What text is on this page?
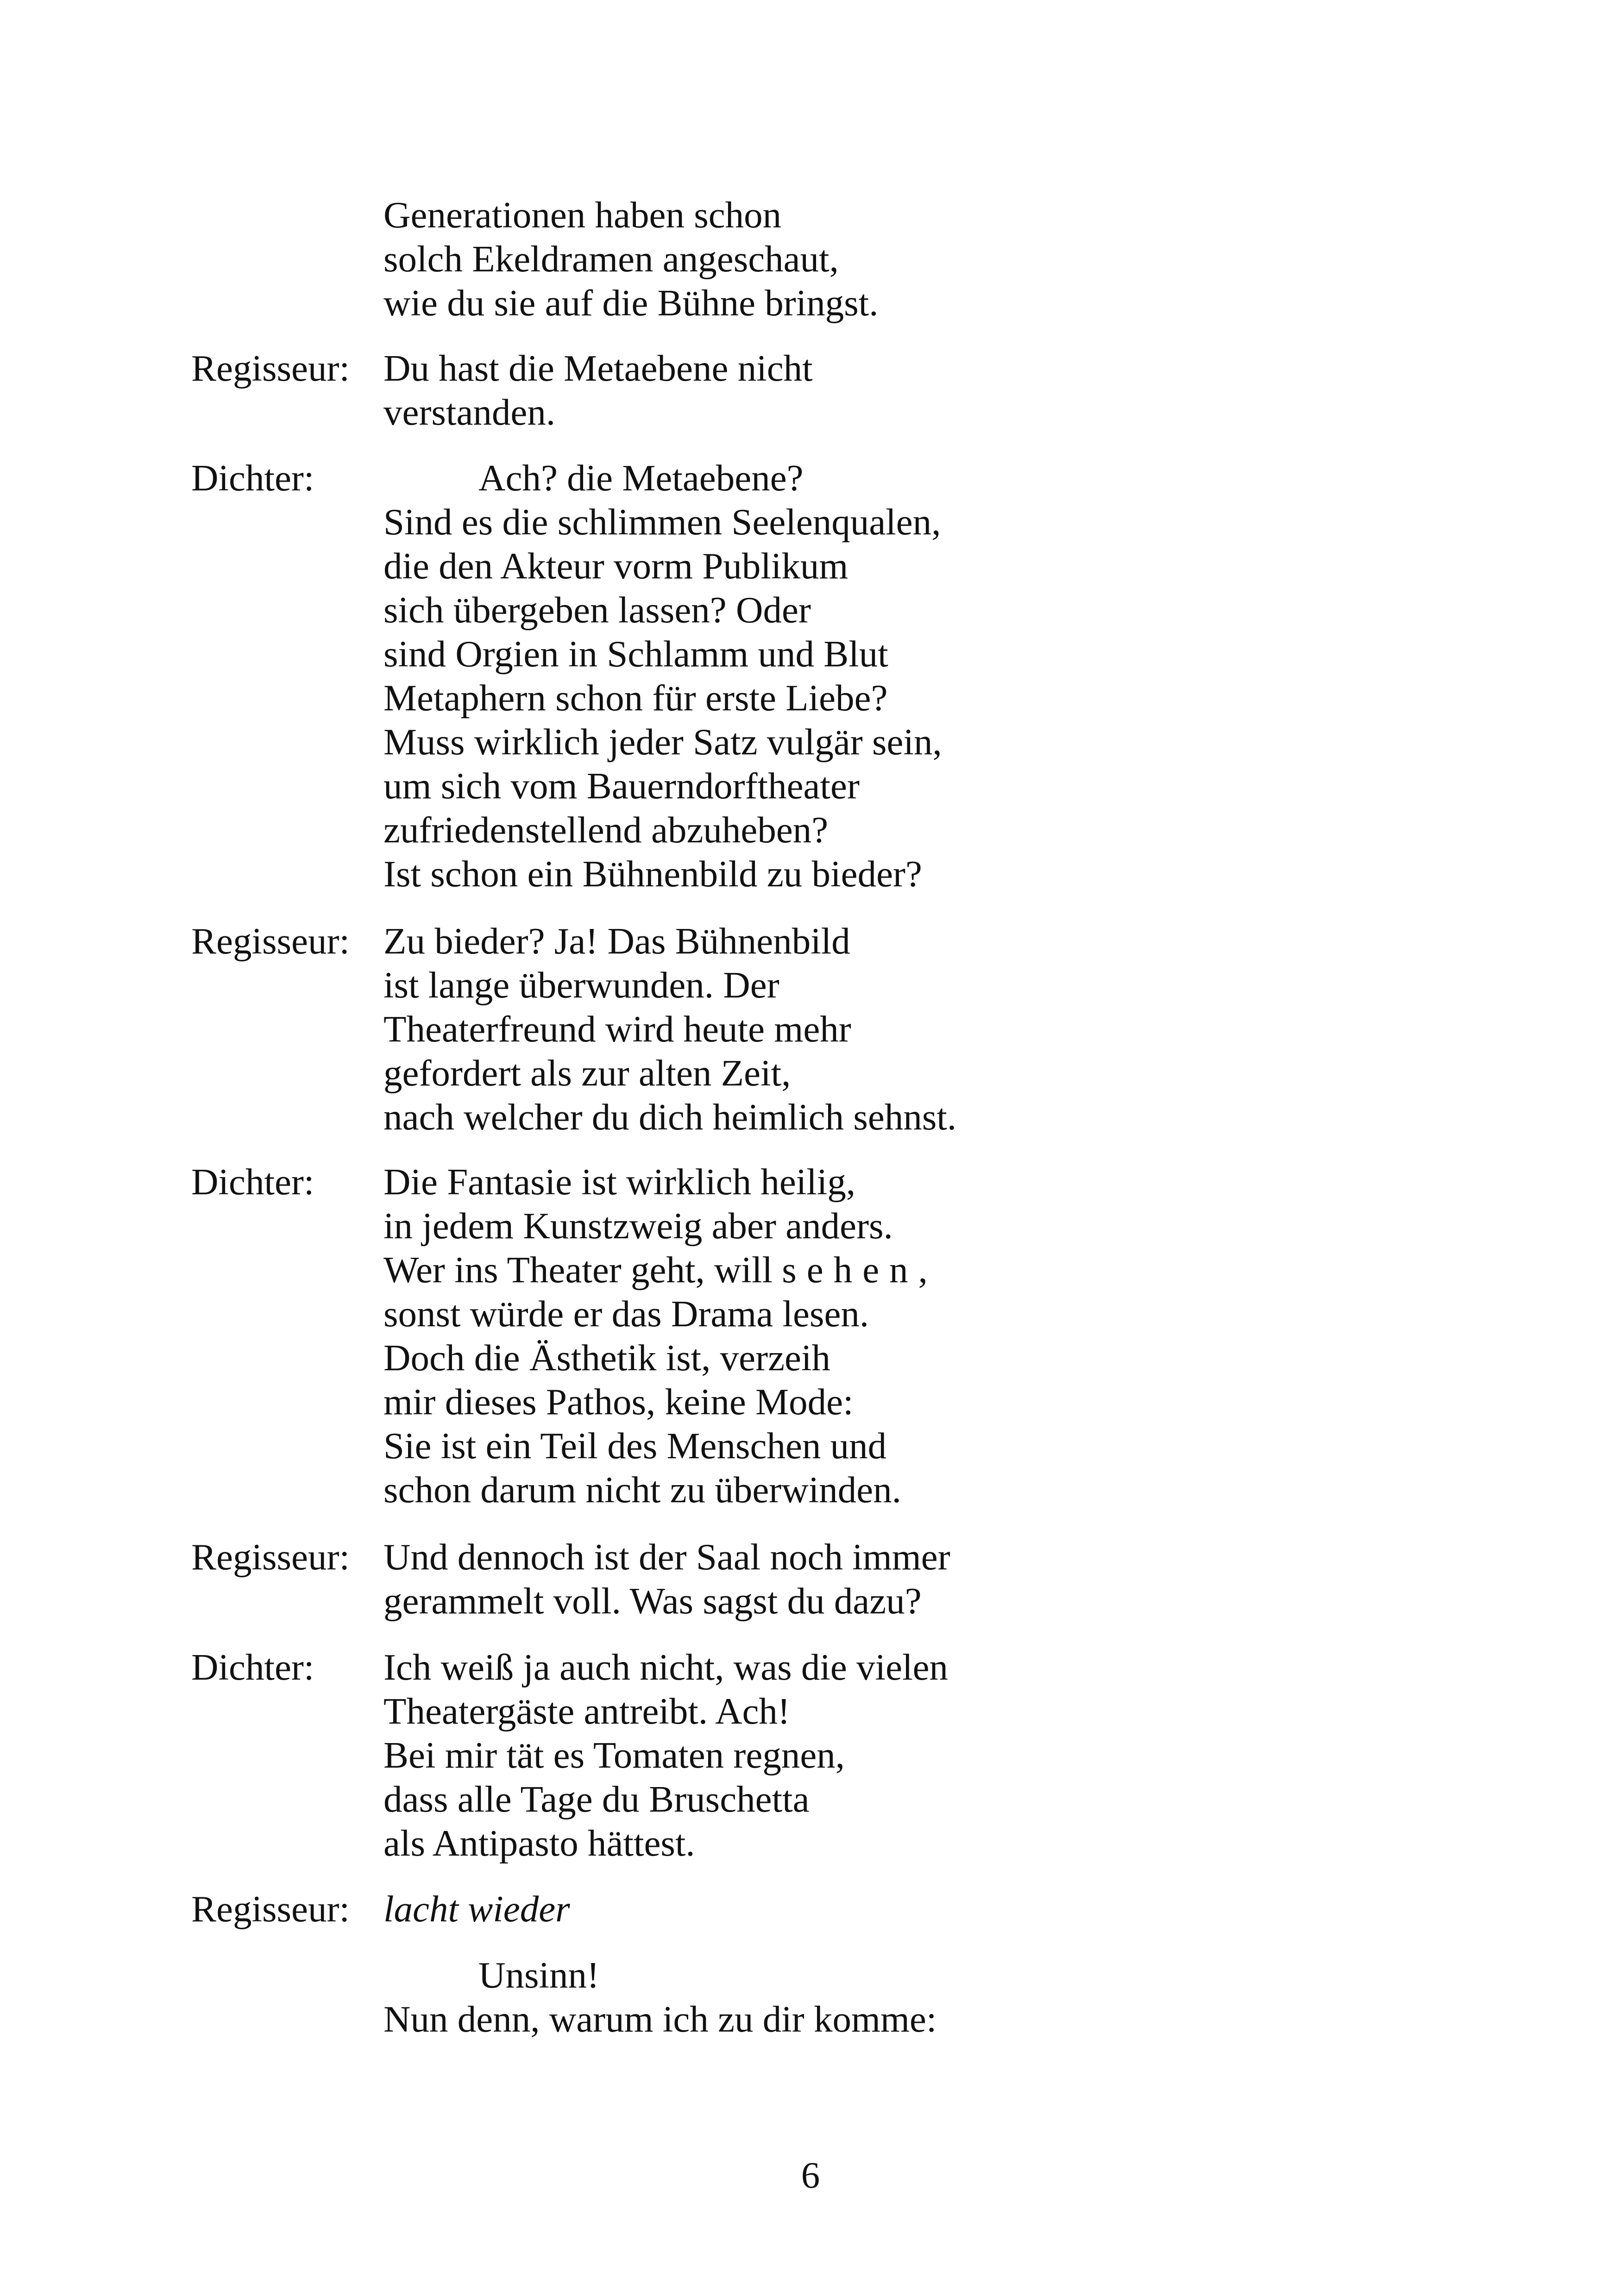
Generationen haben schon
solch Ekeldramen angeschaut,
wie du sie auf die Bühne bringst.
Regisseur: Du hast die Metaebene nicht
verstanden.
Dichter:	Ach? die Metaebene?
Sind es die schlimmen Seelenqualen,
die den Akteur vorm Publikum
sich übergeben lassen? Oder
sind Orgien in Schlamm und Blut
Metaphern schon für erste Liebe?
Muss wirklich jeder Satz vulgär sein,
um sich vom Bauerndorftheater
zufriedenstellend abzuheben?
Ist schon ein Bühnenbild zu bieder?
Regisseur: Zu bieder? Ja! Das Bühnenbild
ist lange überwunden. Der
Theaterfreund wird heute mehr
gefordert als zur alten Zeit,
nach welcher du dich heimlich sehnst.
Dichter: Die Fantasie ist wirklich heilig,
in jedem Kunstzweig aber anders.
Wer ins Theater geht, will sehen,
sonst würde er das Drama lesen.
Doch die Ästhetik ist, verzeih
mir dieses Pathos, keine Mode:
Sie ist ein Teil des Menschen und
schon darum nicht zu überwinden.
Regisseur: Und dennoch ist der Saal noch immer
gerammelt voll. Was sagst du dazu?
Dichter: Ich weiß ja auch nicht, was die vielen
Theatergäste antreibt. Ach!
Bei mir tät es Tomaten regnen,
dass alle Tage du Bruschetta
als Antipasto hättest.
Regisseur: lacht wieder
Unsinn!
Nun denn, warum ich zu dir komme:
6
